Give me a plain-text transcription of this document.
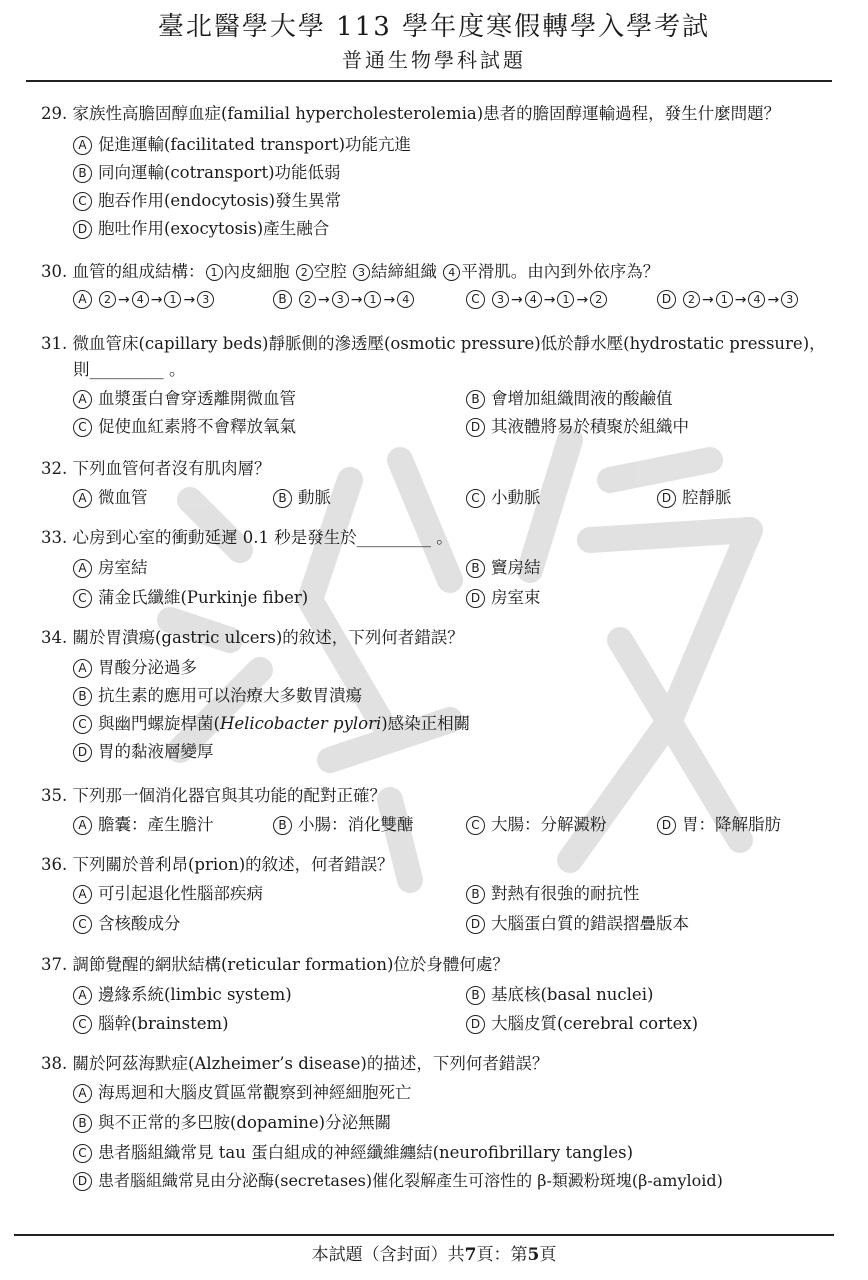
臺北醫學大學 113 學年度寒假轉學入學考試
普通生物學科試題
29. 家族性高膽固醇血症(familial hypercholesterolemia)患者的膽固醇運輸過程，發生什麼問題？
A 促進運輸(facilitated transport)功能亢進
B 同向運輸(cotransport)功能低弱
C 胞吞作用(endocytosis)發生異常
D 胞吐作用(exocytosis)產生融合
30. 血管的組成結構： 1 內皮細胞 2 空腔 3 結締組織 4 平滑肌。由內到外依序為？
A 2 → 4 → 1 → 3	B 2 → 3 → 1 → 4	C 3 → 4 → 1 → 2	D 2 → 1 → 4 → 3
31. 微血管床(capillary beds)靜脈側的滲透壓(osmotic pressure)低於靜水壓(hydrostatic pressure)，
則_________ 。
A 血漿蛋白會穿透離開微血管	B 會增加組織間液的酸鹼值
C 促使血紅素將不會釋放氧氣	D 其液體將易於積聚於組織中
32. 下列血管何者沒有肌肉層？
A 微血管	B 動脈	C 小動脈	D 腔靜脈
33. 心房到心室的衝動延遲 0.1 秒是發生於_________ 。
A 房室結	B 竇房結
C 蒲金氏纖維(Purkinje fiber)	D 房室束
34. 關於胃潰瘍(gastric ulcers)的敘述，下列何者錯誤？
A 胃酸分泌過多
B 抗生素的應用可以治療大多數胃潰瘍
C 與幽門螺旋桿菌(Helicobacter pylori)感染正相關
D 胃的黏液層變厚
35. 下列那一個消化器官與其功能的配對正確？
A 膽囊：產生膽汁	B 小腸：消化雙醣	C 大腸：分解澱粉	D 胃：降解脂肪
36. 下列關於普利昂(prion)的敘述，何者錯誤？
A 可引起退化性腦部疾病	B 對熱有很強的耐抗性
C 含核酸成分	D 大腦蛋白質的錯誤摺疊版本
37. 調節覺醒的網狀結構(reticular formation)位於身體何處？
A 邊緣系統(limbic system)	B 基底核(basal nuclei)
C 腦幹(brainstem)	D 大腦皮質(cerebral cortex)
38. 關於阿茲海默症(Alzheimer’s disease)的描述，下列何者錯誤？
A 海馬迴和大腦皮質區常觀察到神經細胞死亡
B 與不正常的多巴胺(dopamine)分泌無關
C 患者腦組織常見 tau 蛋白組成的神經纖維纏結(neurofibrillary tangles)
D 患者腦組織常見由分泌酶(secretases)催化裂解產生可溶性的 β-類澱粉斑塊(β-amyloid)
本試題（含封面）共7頁：第5頁
